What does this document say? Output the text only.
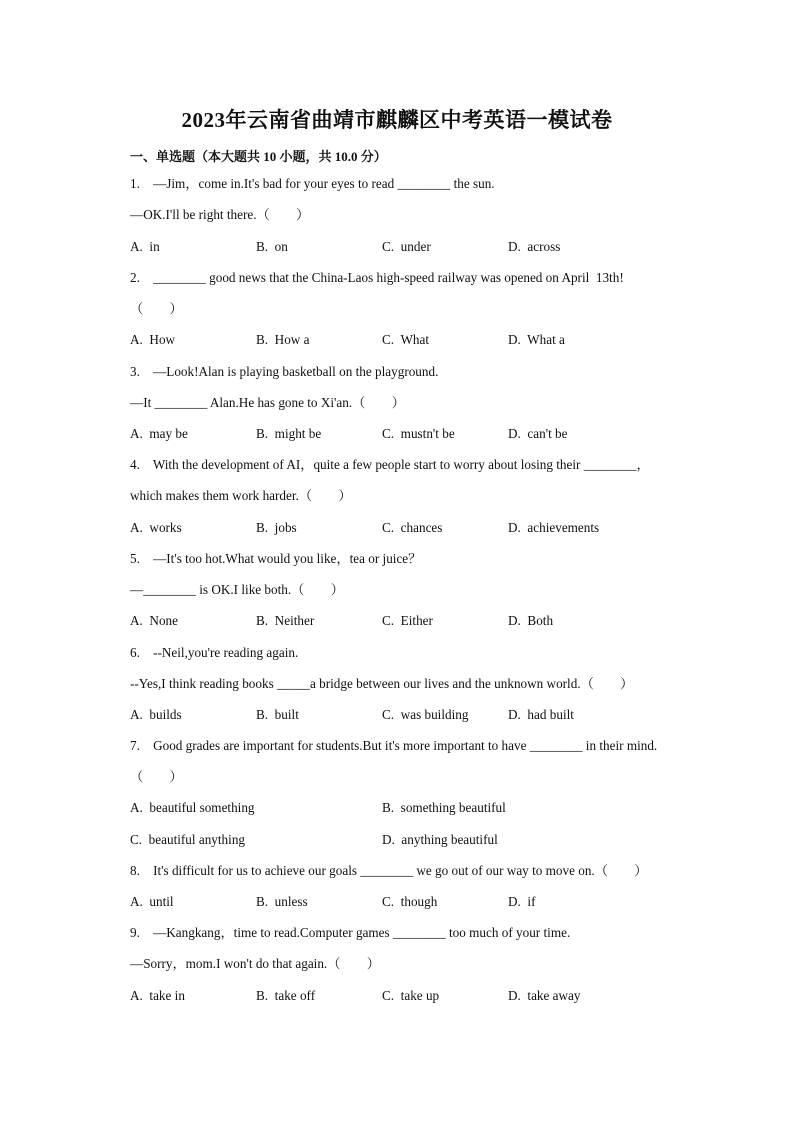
2023年云南省曲靖市麒麟区中考英语一模试卷
一、单选题（本大题共 10 小题，共 10.0 分）
1.    —Jim，come in.It's bad for your eyes to read ________ the sun.
—OK.I'll be right there.（        ）
A.  in	B.  on	C.  under	D.  across
2.    ________ good news that the China-Laos high-speed railway was opened on April  13th!
（        ）
A.  How	B.  How a	C.  What	D.  What a
3.    —Look!Alan is playing basketball on the playground.
—It ________ Alan.He has gone to Xi'an.（        ）
A.  may be	B.  might be	C.  mustn't be	D.  can't be
4.    With the development of AI，quite a few people start to worry about losing their ________，
which makes them work harder.（        ）
A.  works	B.  jobs	C.  chances	D.  achievements
5.    —It's too hot.What would you like，tea or juice？
—________ is OK.I like both.（        ）
A.  None	B.  Neither	C.  Either	D.  Both
6.    --Neil,you're reading again.
--Yes,I think reading books _____a bridge between our lives and the unknown world.（        ）
A.  builds	B.  built	C.  was building	D.  had built
7.    Good grades are important for students.But it's more important to have ________ in their mind.
（        ）
A.  beautiful something	B.  something beautiful
C.  beautiful anything	D.  anything beautiful
8.    It's difficult for us to achieve our goals ________ we go out of our way to move on.（        ）
A.  until	B.  unless	C.  though	D.  if
9.    —Kangkang，time to read.Computer games ________ too much of your time.
—Sorry，mom.I won't do that again.（        ）
A.  take in	B.  take off	C.  take up	D.  take away
